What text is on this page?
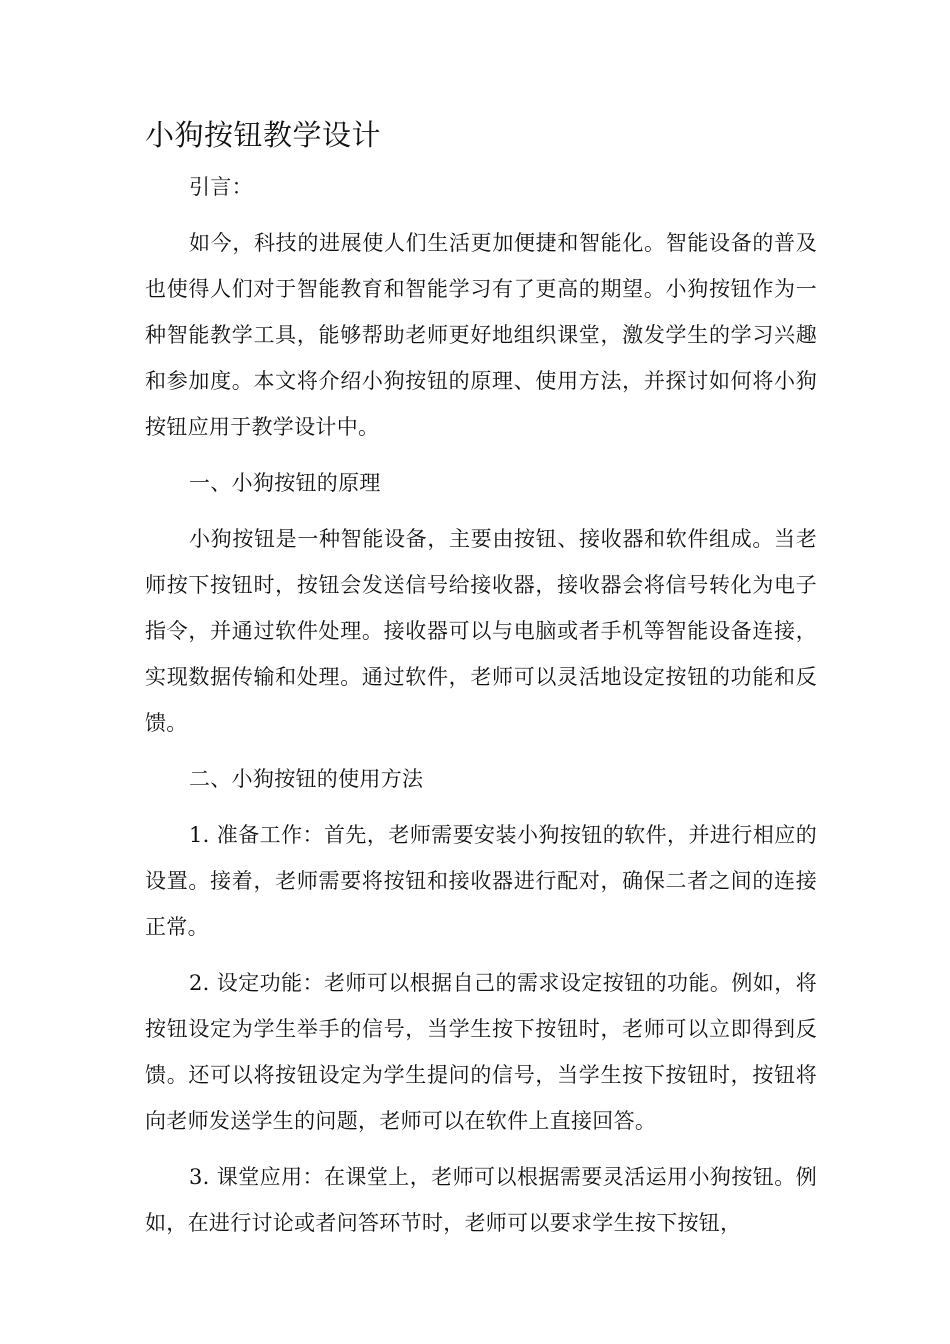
小狗按钮教学设计

引言：

如今，科技的进展使人们生活更加便捷和智能化。智能设备的普及也使得人们对于智能教育和智能学习有了更高的期望。小狗按钮作为一种智能教学工具，能够帮助老师更好地组织课堂，激发学生的学习兴趣和参加度。本文将介绍小狗按钮的原理、使用方法，并探讨如何将小狗按钮应用于教学设计中。

一、小狗按钮的原理

小狗按钮是一种智能设备，主要由按钮、接收器和软件组成。当老师按下按钮时，按钮会发送信号给接收器，接收器会将信号转化为电子指令，并通过软件处理。接收器可以与电脑或者手机等智能设备连接，实现数据传输和处理。通过软件，老师可以灵活地设定按钮的功能和反馈。

二、小狗按钮的使用方法

1. 准备工作：首先，老师需要安装小狗按钮的软件，并进行相应的设置。接着，老师需要将按钮和接收器进行配对，确保二者之间的连接正常。

2. 设定功能：老师可以根据自己的需求设定按钮的功能。例如，将按钮设定为学生举手的信号，当学生按下按钮时，老师可以立即得到反馈。还可以将按钮设定为学生提问的信号，当学生按下按钮时，按钮将向老师发送学生的问题，老师可以在软件上直接回答。

3. 课堂应用：在课堂上，老师可以根据需要灵活运用小狗按钮。例如，在进行讨论或者问答环节时，老师可以要求学生按下按钮，
